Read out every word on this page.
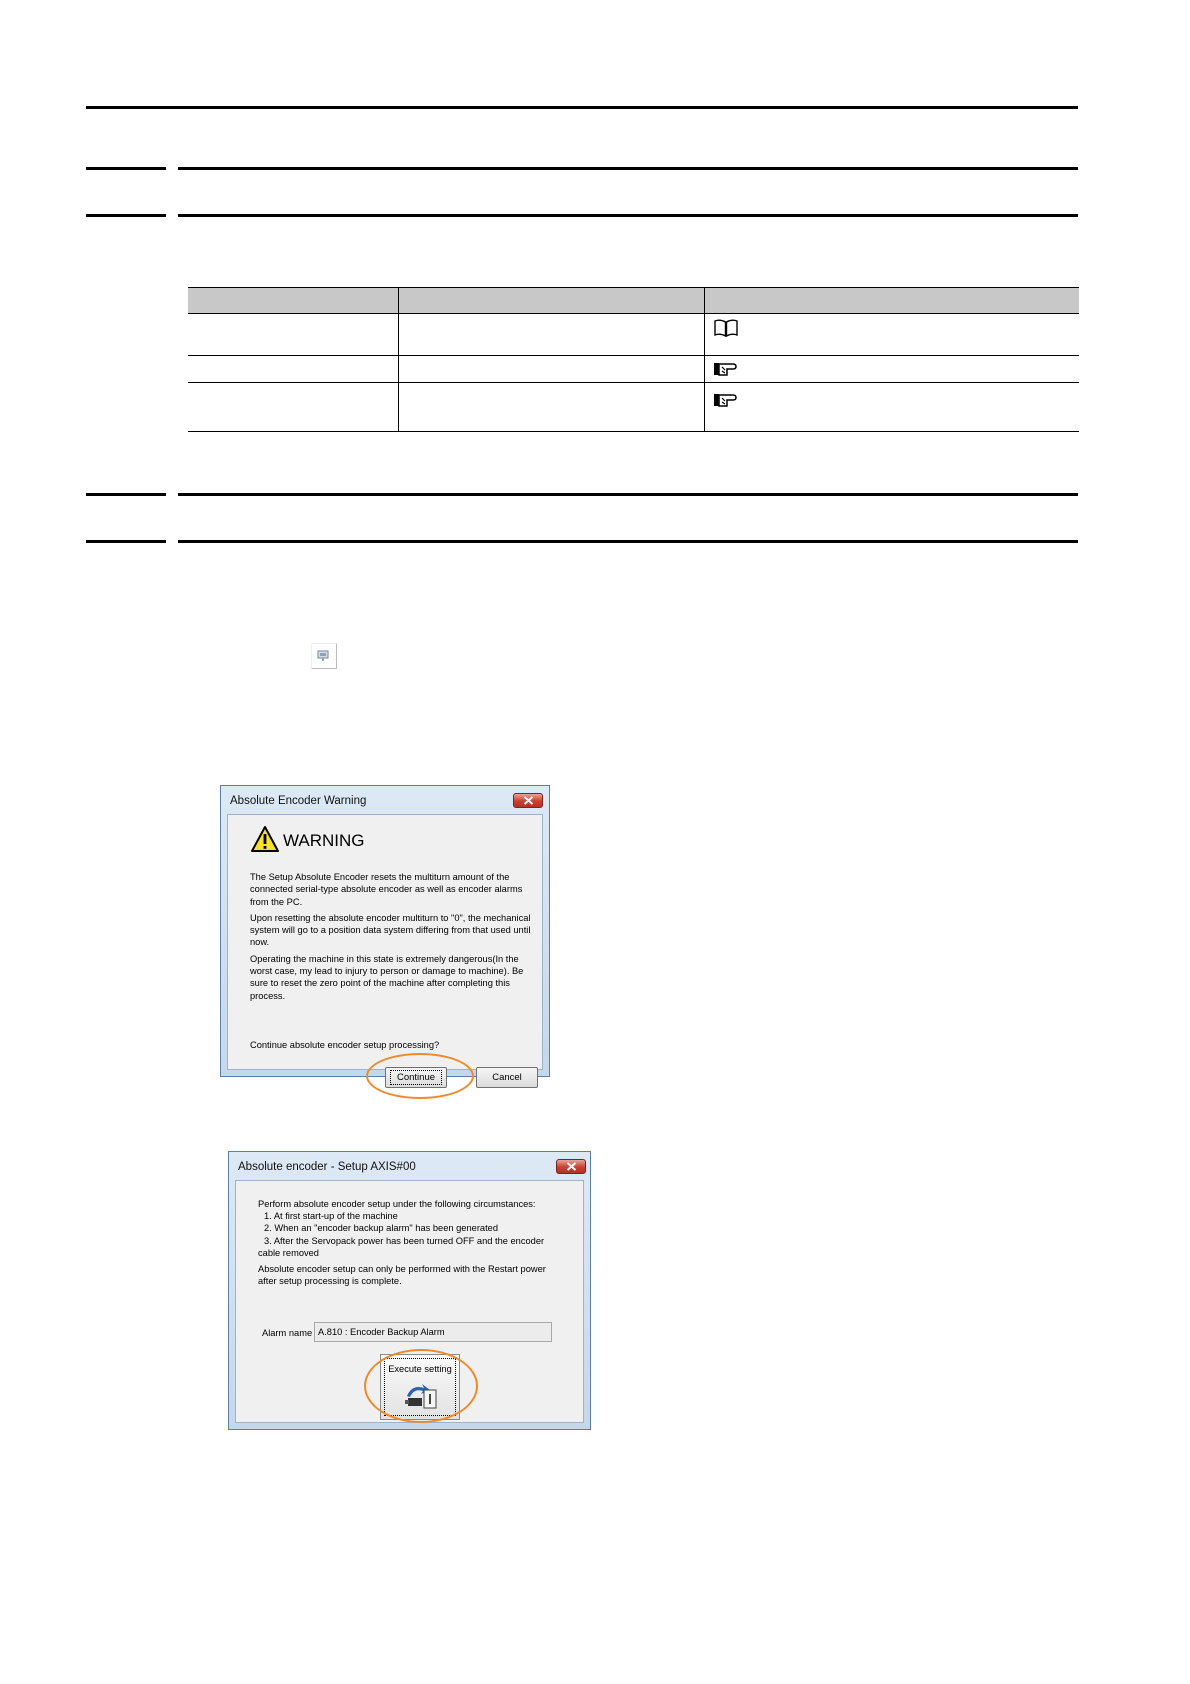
Absolute Encoder Warning
WARNING

The Setup Absolute Encoder resets the multiturn amount of the connected serial-type absolute encoder as well as encoder alarms from the PC.

Upon resetting the absolute encoder multiturn to "0", the mechanical system will go to a position data system differing from that used until now.

Operating the machine in this state is extremely dangerous(In the worst case, my lead to injury to person or damage to machine). Be sure to reset the zero point of the machine after completing this process.

Continue absolute encoder setup processing?
Continue	Cancel
Absolute encoder - Setup AXIS#00
Perform absolute encoder setup under the following circumstances:
1. At first start-up of the machine
2. When an "encoder backup alarm" has been generated
3. After the Servopack power has been turned OFF and the encoder
cable removed
Absolute encoder setup can only be performed with the Restart power
after setup processing is complete.
Alarm name A.810 : Encoder Backup Alarm
Execute setting
